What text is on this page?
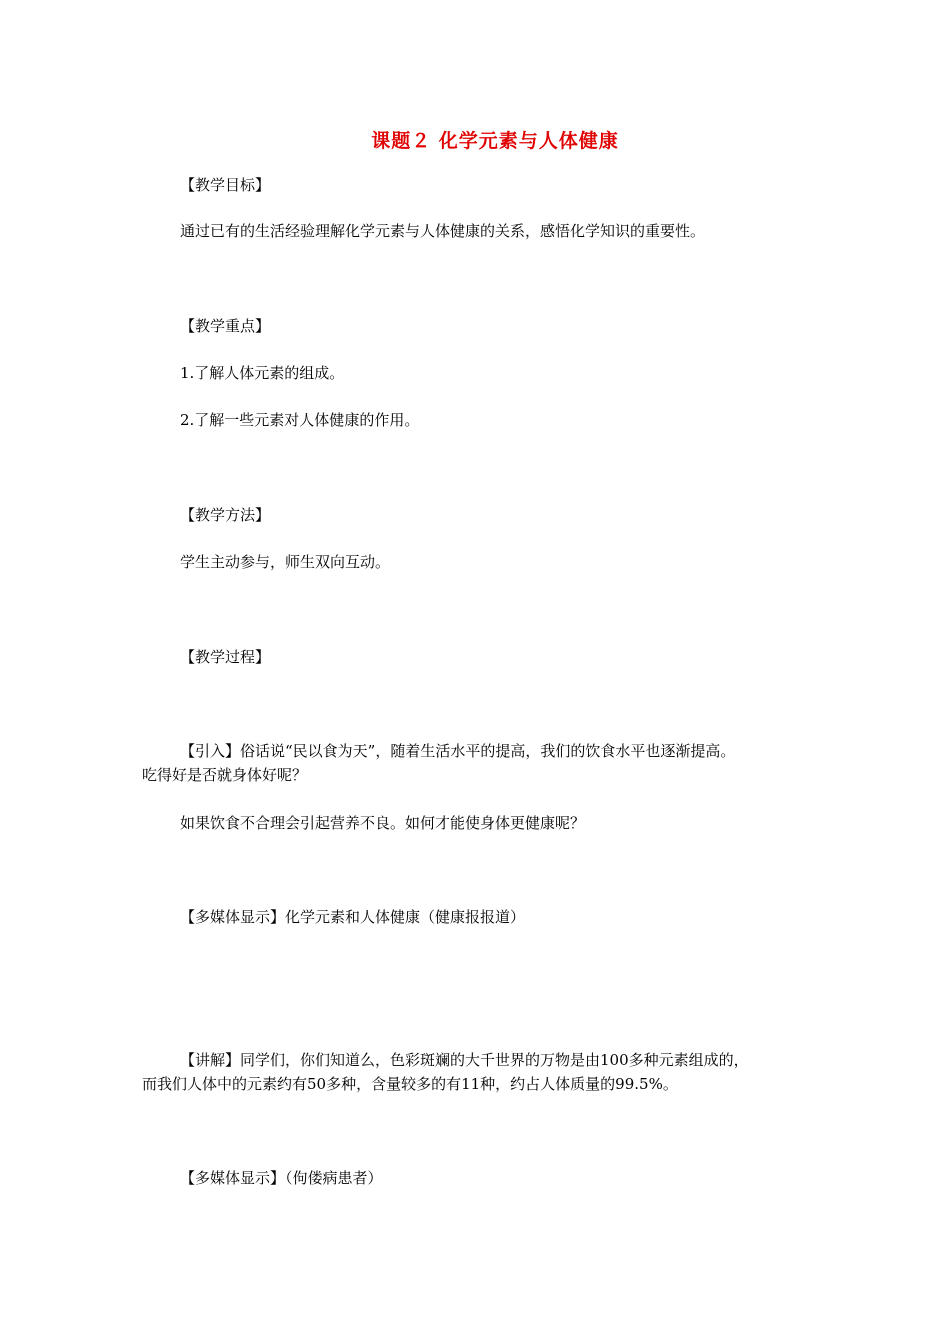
课题２ 化学元素与人体健康
【教学目标】
通过已有的生活经验理解化学元素与人体健康的关系，感悟化学知识的重要性。
【教学重点】
1.了解人体元素的组成。
2.了解一些元素对人体健康的作用。
【教学方法】
学生主动参与，师生双向互动。
【教学过程】
【引入】俗话说“民以食为天”，随着生活水平的提高，我们的饮食水平也逐渐提高。
吃得好是否就身体好呢？
如果饮食不合理会引起营养不良。如何才能使身体更健康呢？
【多媒体显示】化学元素和人体健康（健康报报道）
【讲解】同学们，你们知道么，色彩斑斓的大千世界的万物是由100多种元素组成的，
而我们人体中的元素约有50多种，含量较多的有11种，约占人体质量的99.5%。
【多媒体显示】（佝偻病患者）
